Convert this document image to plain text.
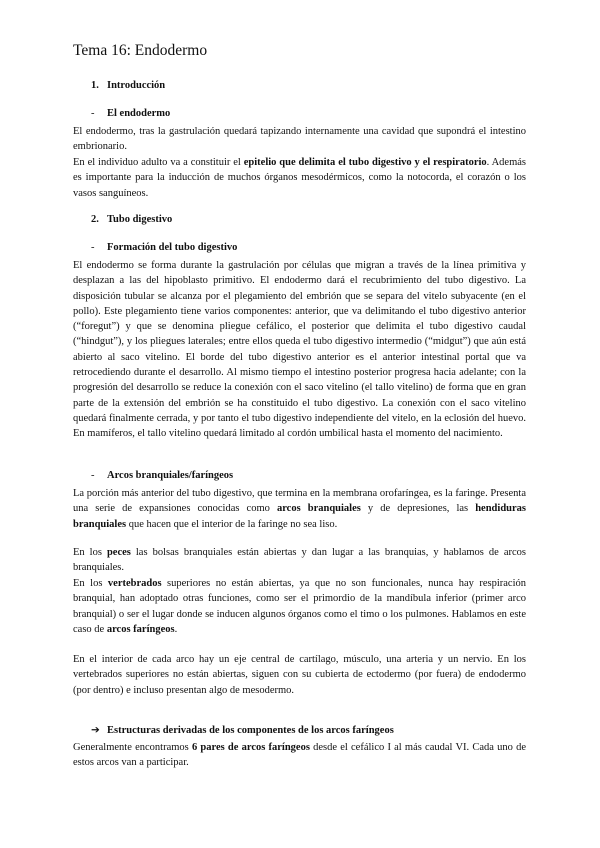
Tema 16: Endodermo
1. Introducción
- El endodermo

El endodermo, tras la gastrulación quedará tapizando internamente una cavidad que supondrá el intestino embrionario.

En el individuo adulto va a constituir el epitelio que delimita el tubo digestivo y el respiratorio. Además es importante para la inducción de muchos órganos mesodérmicos, como la notocorda, el corazón o los vasos sanguíneos.

2. Tubo digestivo
- Formación del tubo digestivo

El endodermo se forma durante la gastrulación por células que migran a través de la línea primitiva y desplazan a las del hipoblasto primitivo. El endodermo dará el recubrimiento del tubo digestivo. La disposición tubular se alcanza por el plegamiento del embrión que se separa del vitelo subyacente (en el pollo). Este plegamiento tiene varios componentes: anterior, que va delimitando el tubo digestivo anterior (“foregut”) y que se denomina pliegue cefálico, el posterior que delimita el tubo digestivo caudal (“hindgut”), y los pliegues laterales; entre ellos queda el tubo digestivo intermedio (“midgut”) que aún está abierto al saco vitelino. El borde del tubo digestivo anterior es el anterior intestinal portal que va retrocediendo durante el desarrollo. Al mismo tiempo el intestino posterior progresa hacia adelante; con la progresión del desarrollo se reduce la conexión con el saco vitelino (el tallo vitelino) de forma que en gran parte de la extensión del embrión se ha constituido el tubo digestivo. La conexión con el saco vitelino quedará finalmente cerrada, y por tanto el tubo digestivo independiente del vitelo, en la eclosión del huevo. En mamíferos, el tallo vitelino quedará limitado al cordón umbilical hasta el momento del nacimiento.

- Arcos branquiales/faríngeos

La porción más anterior del tubo digestivo, que termina en la membrana orofaríngea, es la faringe. Presenta una serie de expansiones conocidas como arcos branquiales y de depresiones, las hendiduras branquiales que hacen que el interior de la faringe no sea liso.

En los peces las bolsas branquiales están abiertas y dan lugar a las branquias, y hablamos de arcos branquiales.

En los vertebrados superiores no están abiertas, ya que no son funcionales, nunca hay respiración branquial, han adoptado otras funciones, como ser el primordio de la mandíbula inferior (primer arco branquial) o ser el lugar donde se inducen algunos órganos como el timo o los pulmones. Hablamos en este caso de arcos faríngeos.

En el interior de cada arco hay un eje central de cartílago, músculo, una arteria y un nervio. En los vertebrados superiores no están abiertas, siguen con su cubierta de ectodermo (por fuera) de endodermo (por dentro) e incluso presentan algo de mesodermo.

➔ Estructuras derivadas de los componentes de los arcos faríngeos

Generalmente encontramos 6 pares de arcos faríngeos desde el cefálico I al más caudal VI. Cada uno de estos arcos van a participar.
